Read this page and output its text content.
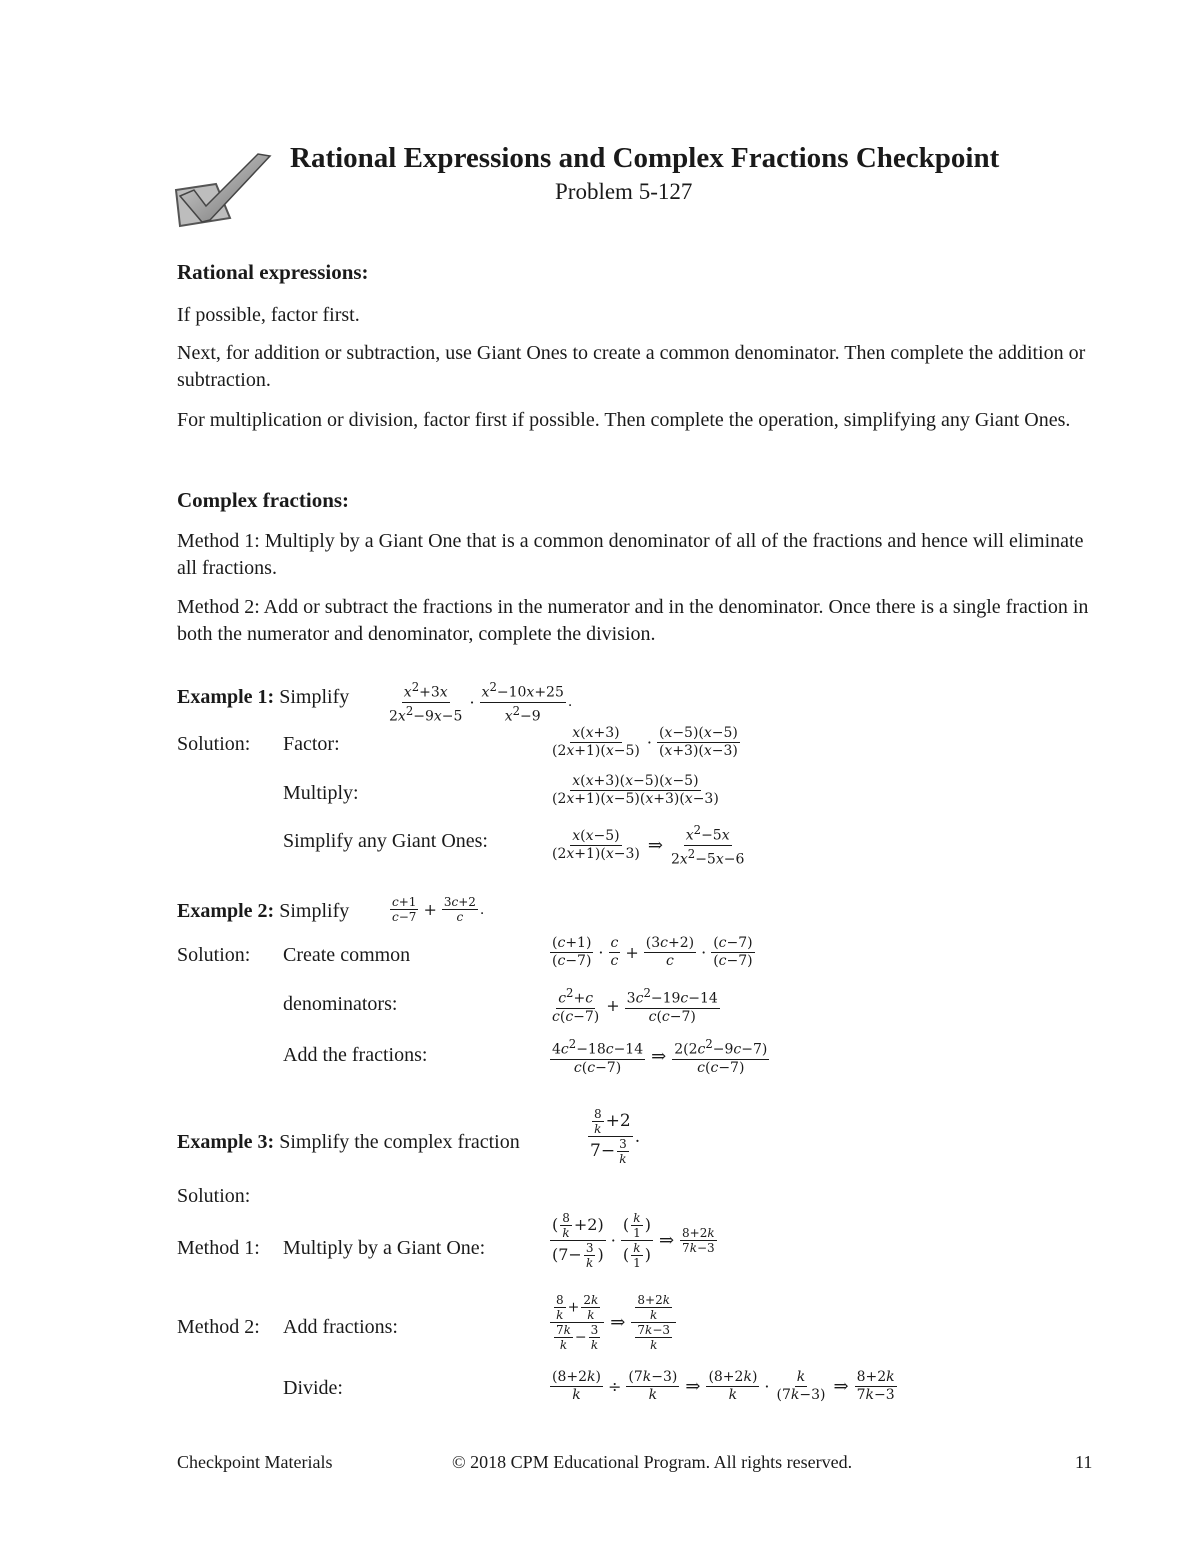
Rational Expressions and Complex Fractions Checkpoint
Problem 5-127
Rational expressions:
If possible, factor first.
Next, for addition or subtraction, use Giant Ones to create a common denominator. Then complete the addition or subtraction.
For multiplication or division, factor first if possible. Then complete the operation, simplifying any Giant Ones.
Complex fractions:
Method 1: Multiply by a Giant One that is a common denominator of all of the fractions and hence will eliminate all fractions.
Method 2: Add or subtract the fractions in the numerator and in the denominator. Once there is a single fraction in both the numerator and denominator, complete the division.
Example 1: Simplify	$\frac{x^2+3x}{2x^2-9x-5} \cdot \frac{x^2-10x+25}{x^2-9}$ .
Solution: Factor:	$\frac{x(x+3)}{(2x+1)(x-5)} \cdot \frac{(x-5)(x-5)}{(x+3)(x-3)}$
Multiply:	$\frac{x(x+3)(x-5)(x-5)}{(2x+1)(x-5)(x+3)(x-3)}$
Simplify any Giant Ones:	$\frac{x(x-5)}{(2x+1)(x-3)}$ ⇒ $\frac{x^2-5x}{2x^2-5x-6}$
Example 2: Simplify	$\frac{c+1}{c-7} + \frac{3c+2}{c}$ .
Solution: Create common	$\frac{(c+1)}{(c-7)} \cdot \frac{c}{c} + \frac{(3c+2)}{c} \cdot \frac{(c-7)}{(c-7)}$
denominators:	$\frac{c^2+c}{c(c-7)} + \frac{3c^2-19c-14}{c(c-7)}$
Add the fractions:	$\frac{4c^2-18c-14}{c(c-7)}$ ⇒ $\frac{2(2c^2-9c-7)}{c(c-7)}$
Example 3: Simplify the complex fraction	$\frac{\frac{8}{k} +2}{7- \frac{3}{k}}$ .
Solution:
Method 1: Multiply by a Giant One:	$\frac{( \frac{8}{k} +2)}{(7- \frac{3}{k} )} \cdot \frac{( \frac{k}{1} )}{( \frac{k}{1} )}$ ⇒ $\frac{8+2k}{7k-3}$
Method 2: Add fractions:	$\frac{\frac{8}{k} + \frac{2k}{k}}{\frac{7k}{k} - \frac{3}{k}}$ ⇒ $\frac{\frac{8+2k}{k}}{\frac{7k-3}{k}}$
Divide:	$\frac{(8+2k)}{k} \div \frac{(7k-3)}{k}$ ⇒ $\frac{(8+2k)}{k} \cdot \frac{k}{(7k-3)}$ ⇒ $\frac{8+2k}{7k-3}$
Checkpoint Materials	© 2018 CPM Educational Program. All rights reserved.	11
